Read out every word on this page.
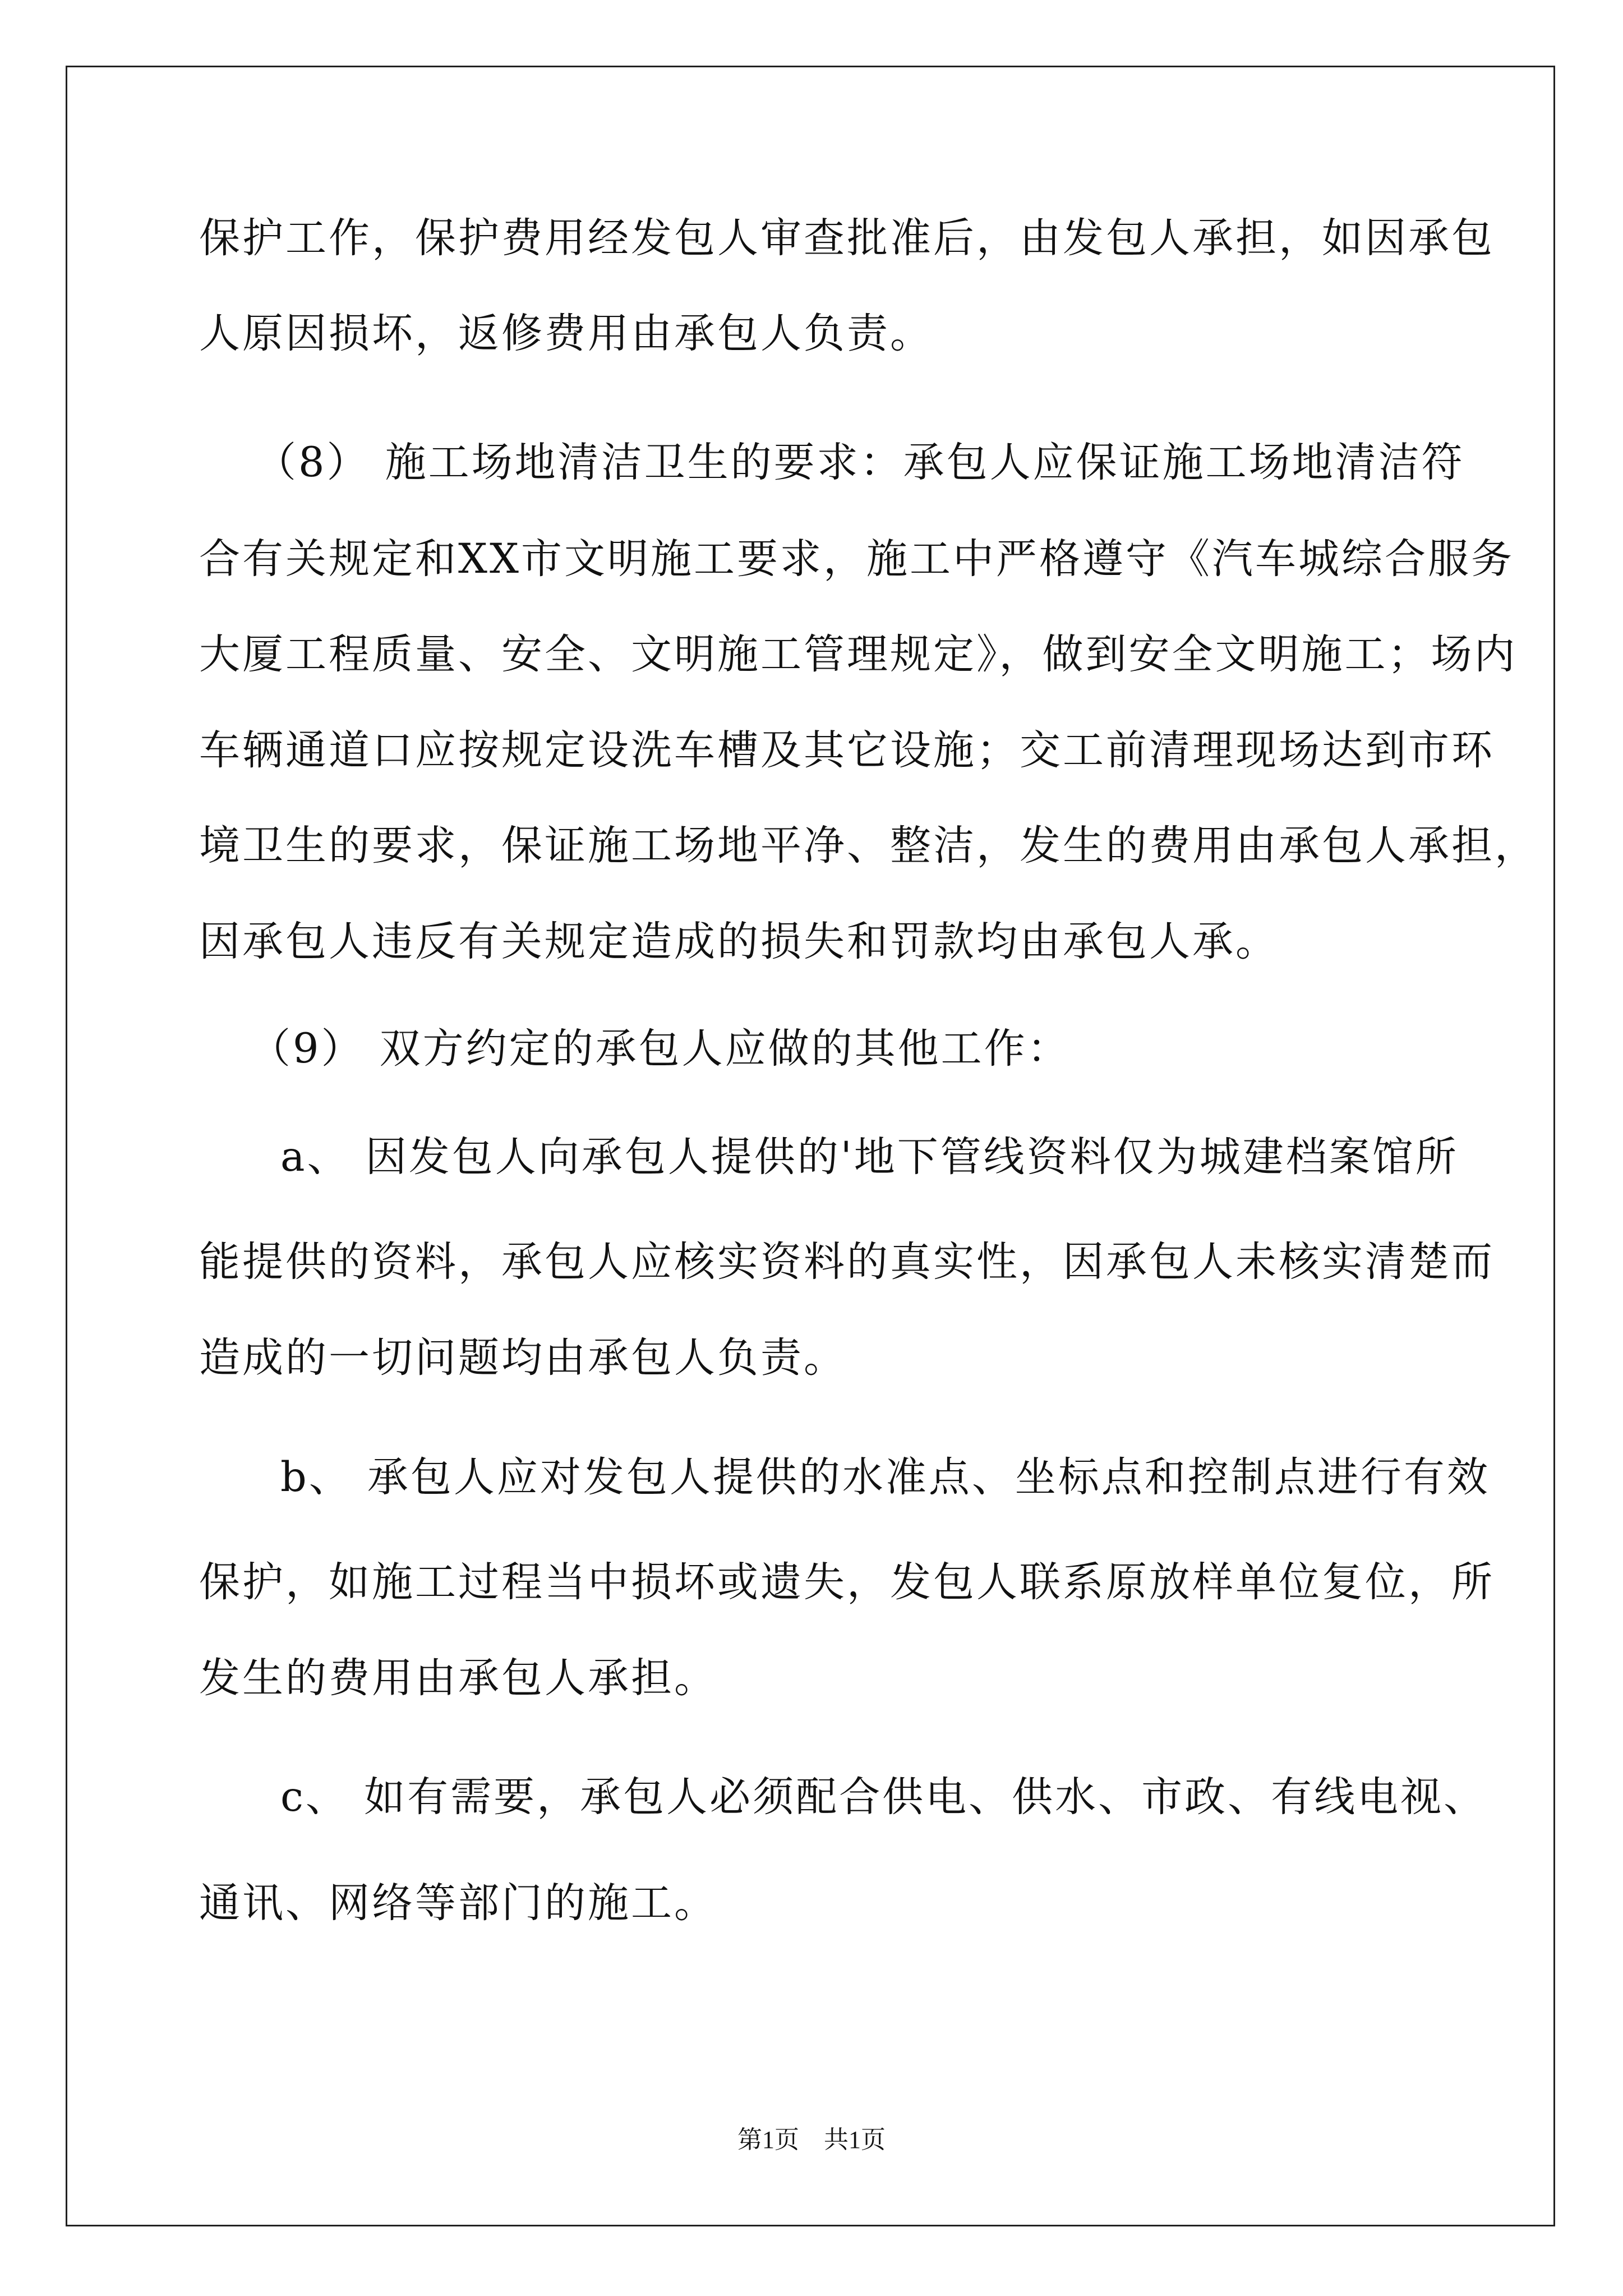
保护工作，保护费用经发包人审查批准后，由发包人承担，如因承包
人原因损坏，返修费用由承包人负责。
（8） 施工场地清洁卫生的要求：承包人应保证施工场地清洁符
合有关规定和XX市文明施工要求，施工中严格遵守《汽车城综合服务
大厦工程质量、安全、文明施工管理规定》，做到安全文明施工；场内
车辆通道口应按规定设洗车槽及其它设施；交工前清理现场达到市环
境卫生的要求，保证施工场地平净、整洁，发生的费用由承包人承担，
因承包人违反有关规定造成的损失和罚款均由承包人承。
（9） 双方约定的承包人应做的其他工作：
a、 因发包人向承包人提供的'地下管线资料仅为城建档案馆所
能提供的资料，承包人应核实资料的真实性，因承包人未核实清楚而
造成的一切问题均由承包人负责。
b、 承包人应对发包人提供的水准点、坐标点和控制点进行有效
保护，如施工过程当中损坏或遗失，发包人联系原放样单位复位，所
发生的费用由承包人承担。
c、 如有需要，承包人必须配合供电、供水、市政、有线电视、
通讯、网络等部门的施工。
第1页　共1页
